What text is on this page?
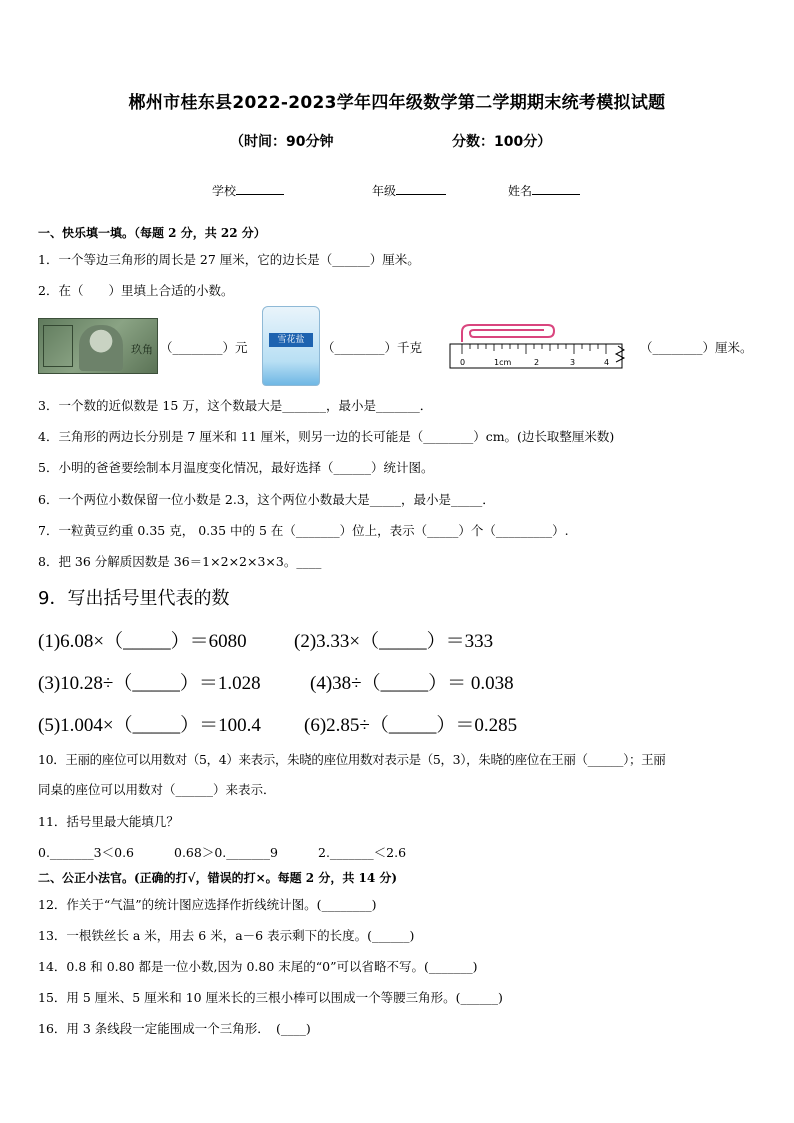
郴州市桂东县2022-2023学年四年级数学第二学期期末统考模拟试题
（时间：90分钟	分数：100分）
学校	年级	姓名
一、快乐填一填。（每题 2 分，共 22 分）
1．一个等边三角形的周长是 27 厘米，它的边长是（______）厘米。
2．在（　　）里填上合适的小数。
玖角 （________）元	雪花盐	（________）千克
0	1cm	2	3	4
（________）厘米。
3．一个数的近似数是 15 万，这个数最大是_______，最小是_______．
4．三角形的两边长分别是 7 厘米和 11 厘米，则另一边的长可能是（________）cm。(边长取整厘米数)
5．小明的爸爸要绘制本月温度变化情况，最好选择（______）统计图。
6．一个两位小数保留一位小数是 2.3，这个两位小数最大是_____，最小是_____．
7．一粒黄豆约重 0.35 克， 0.35 中的 5 在（_______）位上，表示（_____）个（_________）.
8．把 36 分解质因数是 36＝1×2×2×3×3。____
9．写出括号里代表的数
(1)6.08×（_____）＝6080 (2)3.33×（_____）＝333
(3)10.28÷（_____）＝1.028	(4)38÷（_____）＝ 0.038
(5)1.004×（_____）＝100.4 (6)2.85÷（_____）＝0.285
10．王丽的座位可以用数对（5，4）来表示，朱晓的座位用数对表示是（5，3），朱晓的座位在王丽（______）；王丽
同桌的座位可以用数对（______）来表示．
11．括号里最大能填几？
0._______3＜0.6	0.68＞0._______9	2._______＜2.6
二、公正小法官。(正确的打√，错误的打×。每题 2 分，共 14 分)
12．作关于“气温”的统计图应选择作折线统计图。(________)
13．一根铁丝长 a 米，用去 6 米，a－6 表示剩下的长度。(______)
14．0.8 和 0.80 都是一位小数,因为 0.80 末尾的“0”可以省略不写。(_______)
15．用 5 厘米、5 厘米和 10 厘米长的三根小棒可以围成一个等腰三角形。(______)
16．用 3 条线段一定能围成一个三角形．　(____)
